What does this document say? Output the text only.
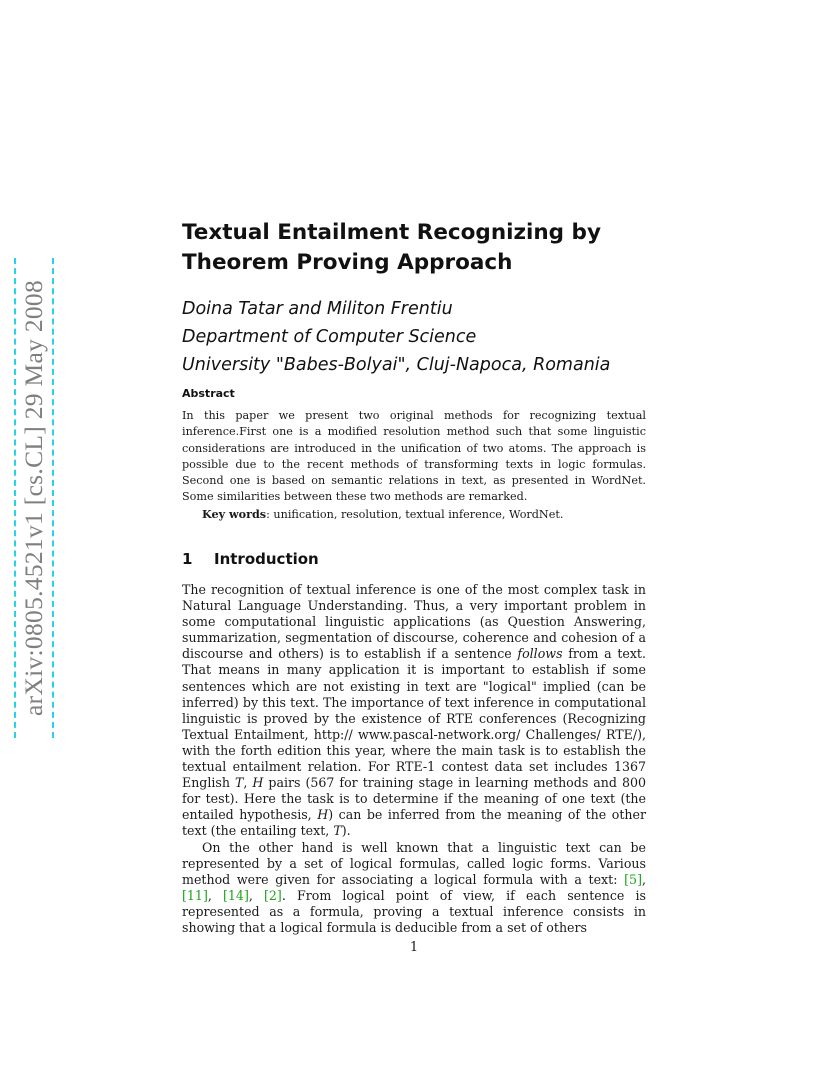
arXiv:0805.4521v1 [cs.CL] 29 May 2008
Textual Entailment Recognizing by
Theorem Proving Approach
Doina Tatar and Militon Frentiu
Department of Computer Science
University "Babes-Bolyai", Cluj-Napoca, Romania
Abstract

In this paper we present two original methods for recognizing textual inference.First one is a modified resolution method such that some linguistic considerations are introduced in the unification of two atoms. The approach is possible due to the recent methods of transforming texts in logic formulas. Second one is based on semantic relations in text, as presented in WordNet. Some similarities between these two methods are remarked.

Key words: unification, resolution, textual inference, WordNet.

1 Introduction

The recognition of textual inference is one of the most complex task in Natural Language Understanding. Thus, a very important problem in some computational linguistic applications (as Question Answering, summarization, segmentation of discourse, coherence and cohesion of a discourse and others) is to establish if a sentence follows from a text. That means in many application it is important to establish if some sentences which are not existing in text are "logical" implied (can be inferred) by this text. The importance of text inference in computational linguistic is proved by the existence of RTE conferences (Recognizing Textual Entailment, http:// www.pascal-network.org/ Challenges/ RTE/), with the forth edition this year, where the main task is to establish the textual entailment relation. For RTE-1 contest data set includes 1367 English T, H pairs (567 for training stage in learning methods and 800 for test). Here the task is to determine if the meaning of one text (the entailed hypothesis, H) can be inferred from the meaning of the other text (the entailing text, T).

On the other hand is well known that a linguistic text can be represented by a set of logical formulas, called logic forms. Various method were given for associating a logical formula with a text: [5], [11], [14], [2]. From logical point of view, if each sentence is represented as a formula, proving a textual inference consists in showing that a logical formula is deducible from a set of others

1
